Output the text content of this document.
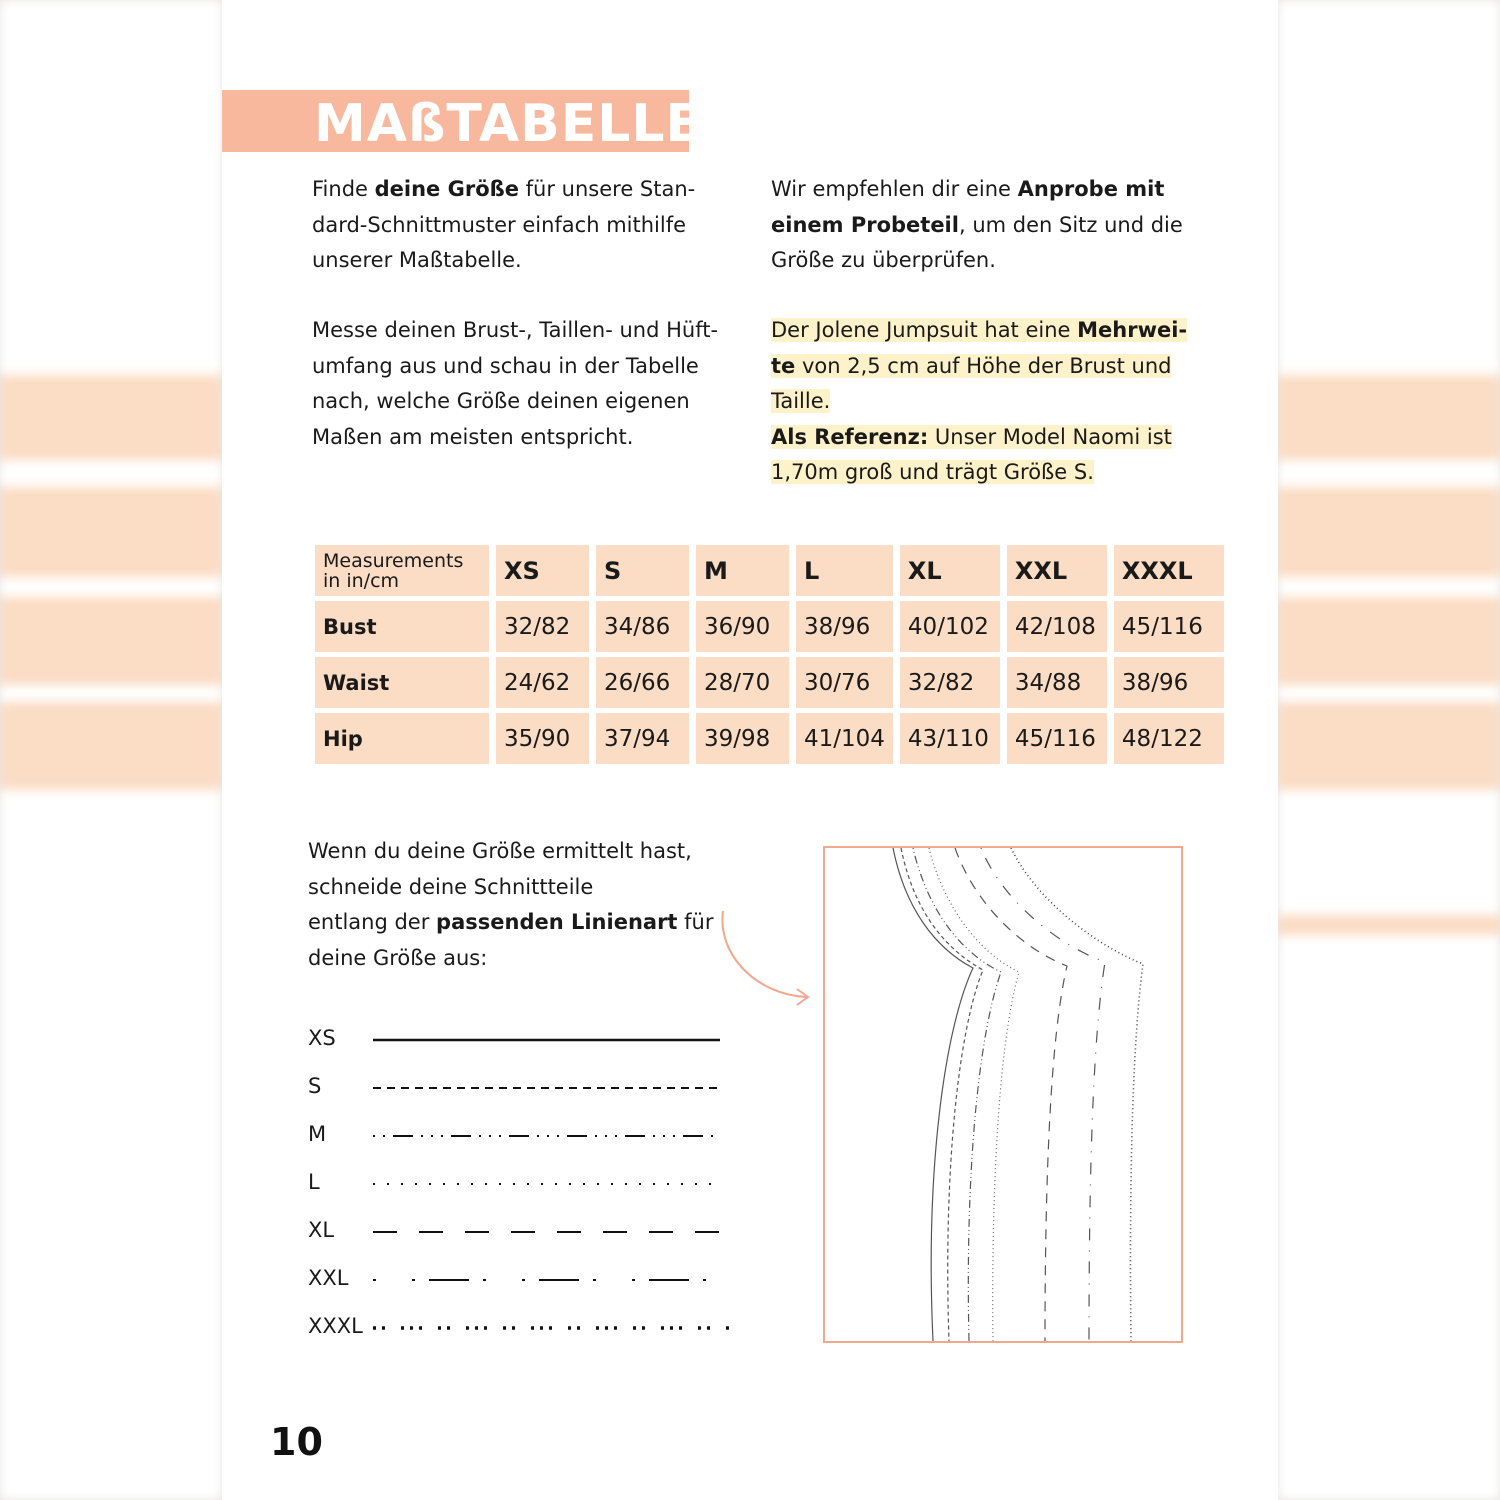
MAßTABELLE
Finde deine Größe für unsere Stan-
dard-Schnittmuster einfach mithilfe
unserer Maßtabelle.
Messe deinen Brust-, Taillen- und Hüft-
umfang aus und schau in der Tabelle
nach, welche Größe deinen eigenen
Maßen am meisten entspricht.
Wir empfehlen dir eine Anprobe mit
einem Probeteil, um den Sitz und die
Größe zu überprüfen.
Der Jolene Jumpsuit hat eine Mehrwei-
te von 2,5 cm auf Höhe der Brust und
Taille.
Als Referenz: Unser Model Naomi ist
1,70m groß und trägt Größe S.
Measurements
in in/cm	XS	S	M	L	XL	XXL	XXXL
Bust	32/82	34/86	36/90	38/96	40/102	42/108	45/116
Waist	24/62	26/66	28/70	30/76	32/82	34/88	38/96
Hip	35/90	37/94	39/98	41/104	43/110	45/116	48/122
Wenn du deine Größe ermittelt hast,
schneide deine Schnittteile
entlang der passenden Linienart für
deine Größe aus:
XS
S
M
L
XL
XXL
XXXL
10
